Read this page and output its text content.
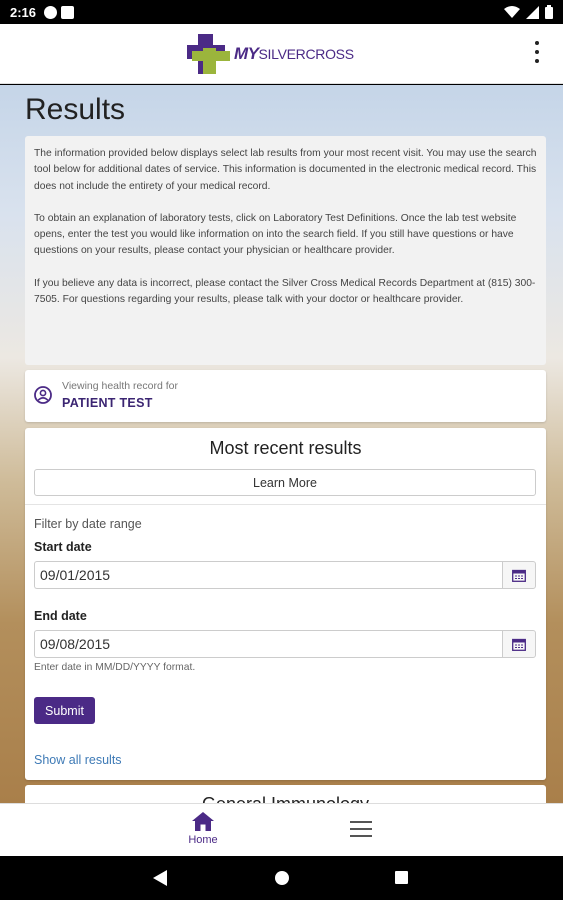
2:16
MYSILVERCROSS
Results

The information provided below displays select lab results from your most recent visit. You may use the search tool below for additional dates of service. This information is documented in the electronic medical record. This does not include the entirety of your medical record.

To obtain an explanation of laboratory tests, click on Laboratory Test Definitions. Once the lab test website opens, enter the test you would like information on into the search field. If you still have questions or have questions on your results, please contact your physician or healthcare provider.

If you believe any data is incorrect, please contact the Silver Cross Medical Records Department at (815) 300-7505. For questions regarding your results, please talk with your doctor or healthcare provider.

Viewing health record for
PATIENT TEST
Most recent results
Learn More
Filter by date range
Start date
09/01/2015
End date
09/08/2015
Enter date in MM/DD/YYYY format.
Submit
Show all results
Home
